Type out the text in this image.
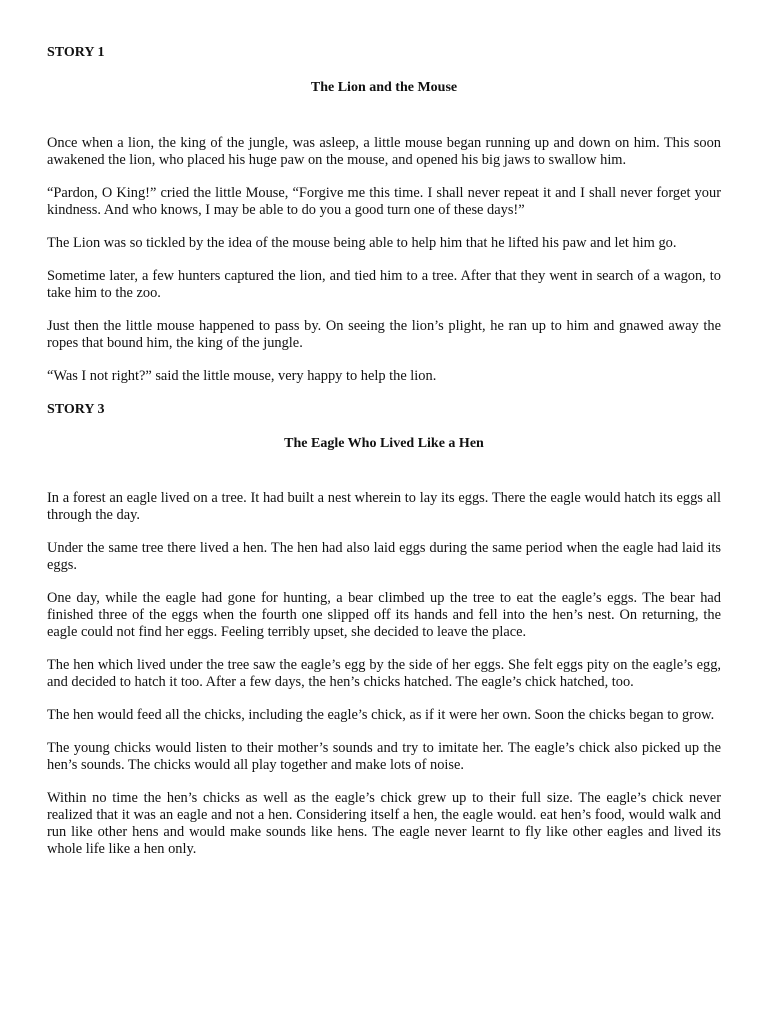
STORY 1

The Lion and the Mouse

Once when a lion, the king of the jungle, was asleep, a little mouse began running up and down on him. This soon awakened the lion, who placed his huge paw on the mouse, and opened his big jaws to swallow him.

“Pardon, O King!” cried the little Mouse, “Forgive me this time. I shall never repeat it and I shall never forget your kindness. And who knows, I may be able to do you a good turn one of these days!”

The Lion was so tickled by the idea of the mouse being able to help him that he lifted his paw and let him go.

Sometime later, a few hunters captured the lion, and tied him to a tree. After that they went in search of a wagon, to take him to the zoo.

Just then the little mouse happened to pass by. On seeing the lion’s plight, he ran up to him and gnawed away the ropes that bound him, the king of the jungle.

“Was I not right?” said the little mouse, very happy to help the lion.

STORY 3

The Eagle Who Lived Like a Hen

In a forest an eagle lived on a tree. It had built a nest wherein to lay its eggs. There the eagle would hatch its eggs all through the day.

Under the same tree there lived a hen. The hen had also laid eggs during the same period when the eagle had laid its eggs.

One day, while the eagle had gone for hunting, a bear climbed up the tree to eat the eagle’s eggs. The bear had finished three of the eggs when the fourth one slipped off its hands and fell into the hen’s nest. On returning, the eagle could not find her eggs. Feeling terribly upset, she decided to leave the place.

The hen which lived under the tree saw the eagle’s egg by the side of her eggs. She felt eggs pity on the eagle’s egg, and decided to hatch it too. After a few days, the hen’s chicks hatched. The eagle’s chick hatched, too.

The hen would feed all the chicks, including the eagle’s chick, as if it were her own. Soon the chicks began to grow.

The young chicks would listen to their mother’s sounds and try to imitate her. The eagle’s chick also picked up the hen’s sounds. The chicks would all play together and make lots of noise.

Within no time the hen’s chicks as well as the eagle’s chick grew up to their full size. The eagle’s chick never realized that it was an eagle and not a hen. Considering itself a hen, the eagle would. eat hen’s food, would walk and run like other hens and would make sounds like hens. The eagle never learnt to fly like other eagles and lived its whole life like a hen only.
